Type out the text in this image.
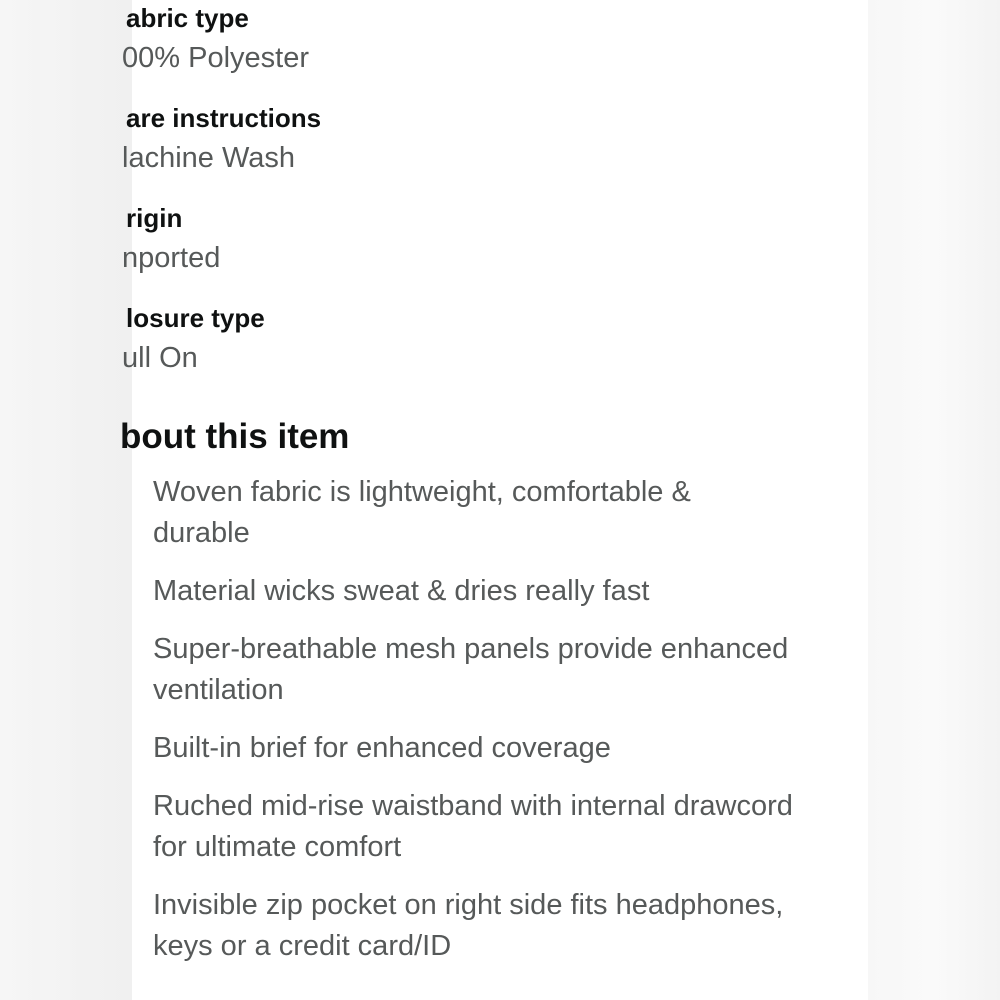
abric type
00% Polyester
are instructions
lachine Wash
rigin
nported
losure type
ull On
bout this item
Woven fabric is lightweight, comfortable & durable
Material wicks sweat & dries really fast
Super-breathable mesh panels provide enhanced ventilation
Built-in brief for enhanced coverage
Ruched mid-rise waistband with internal drawcord for ultimate comfort
Invisible zip pocket on right side fits headphones, keys or a credit card/ID
